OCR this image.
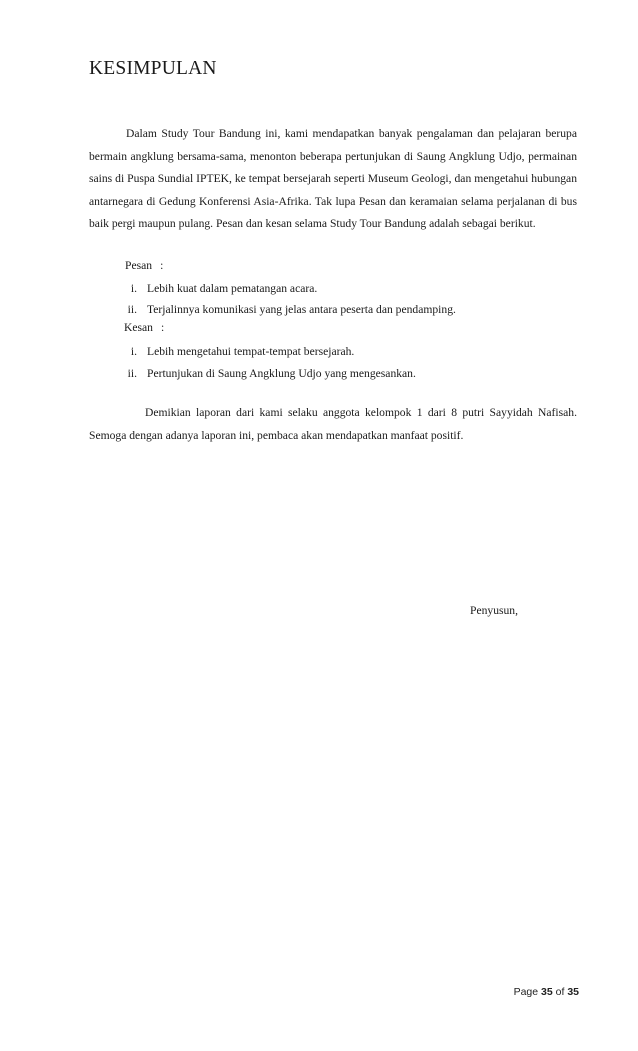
KESIMPULAN
Dalam Study Tour Bandung ini, kami mendapatkan banyak pengalaman dan pelajaran berupa bermain angklung bersama-sama, menonton beberapa pertunjukan di Saung Angklung Udjo, permainan sains di Puspa Sundial IPTEK, ke tempat bersejarah seperti Museum Geologi, dan mengetahui hubungan antarnegara di Gedung Konferensi Asia-Afrika. Tak lupa Pesan dan keramaian selama perjalanan di bus baik pergi maupun pulang. Pesan dan kesan selama Study Tour Bandung adalah sebagai berikut.
Pesan :
i. Lebih kuat dalam pematangan acara.
ii. Terjalinnya komunikasi yang jelas antara peserta dan pendamping.
Kesan :
i. Lebih mengetahui tempat-tempat bersejarah.
ii. Pertunjukan di Saung Angklung Udjo yang mengesankan.
Demikian laporan dari kami selaku anggota kelompok 1 dari 8 putri Sayyidah Nafisah. Semoga dengan adanya laporan ini, pembaca akan mendapatkan manfaat positif.
Penyusun,
Page 35 of 35
